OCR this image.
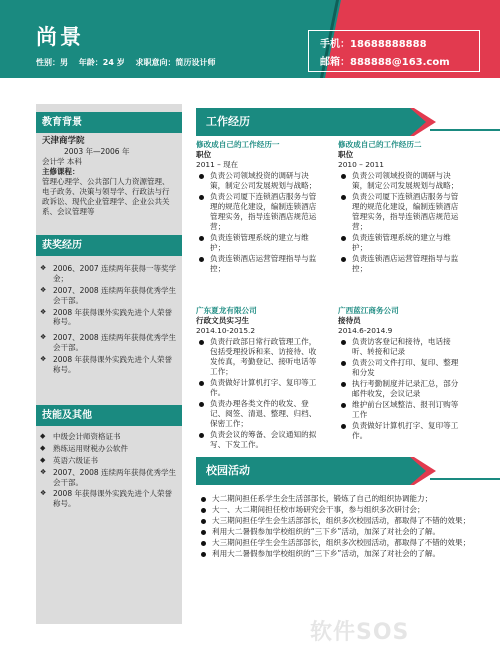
尚景
性别：男 年龄：24 岁 求职意向：简历设计师
手机：18688888888
邮箱：888888@163.com
教育背景
天津商学院
2003 年—2006 年
会计学 本科
主修课程：
管理心理学、公共部门人力资源管理、电子政务、决策与领导学、行政法与行政诉讼、现代企业管理学、企业公共关系、会议管理等
获奖经历
❖ 2006、2007 连续两年获得一等奖学金；
❖ 2007、2008 连续两年获得优秀学生会干部。
❖ 2008 年获得课外实践先进个人荣誉称号。
❖ 2007、2008 连续两年获得优秀学生会干部。
❖ 2008 年获得课外实践先进个人荣誉称号。
技能及其他
◆ 中级会计师资格证书
◆ 熟练运用财税办公软件
◆ 英语六级证书
❖ 2007、2008 连续两年获得优秀学生会干部。
❖ 2008 年获得课外实践先进个人荣誉称号。
工作经历
修改成自己的工作经历一
职位
2011 – 现在
负责公司领域投资的调研与决策，制定公司发展规划与战略；
负责公司厦下连锁酒店服务与管理的规范化建设，编制连锁酒店管理实务，指导连锁酒店规范运营；
负责连锁管理系统的建立与维护；
负责连锁酒店运营管理指导与监控；
修改成自己的工作经历二
职位
2010 – 2011
负责公司领域投资的调研与决策，制定公司发展规划与战略；
负责公司厦下连锁酒店服务与管理的规范化建设，编制连锁酒店管理实务，指导连锁酒店规范运营；
负责连锁管理系统的建立与维护；
负责连锁酒店运营管理指导与监控；
广东夏龙有限公司
行政文员实习生
2014.10-2015.2
负责行政部日常行政管理工作，包括受理投诉和来、访接待、收发传真，考勤登记、接听电话等工作；
负责做好计算机打字、复印等工作。
负责办理各类文件的收发、登记、阅签、清退、整理、归档、保密工作；
负责会议的筹备、会议通知的拟写、下发工作。
广西蓝江商务公司
接待员
2014.6-2014.9
负责访客登记和接待，电话接听、转接和记录
负责公司文件打印、复印、整理和分发
执行考勤制度并记录汇总，部分邮件收发，会议记录
维护前台区域整洁、报刊订购等工作
负责做好计算机打字、复印等工作。
校园活动
大二期间担任系学生会生活部部长，锻炼了自己的组织协调能力；
大一、大二期间担任校市场研究会干事，参与组织多次研讨会；
大三期间担任学生会生活部部长，组织多次校园活动，都取得了不错的效果；
利用大二暑假参加学校组织的“三下乡”活动，加深了对社会的了解。
大三期间担任学生会生活部部长，组织多次校园活动，都取得了不错的效果；
利用大二暑假参加学校组织的“三下乡”活动，加深了对社会的了解。
软件SOS
